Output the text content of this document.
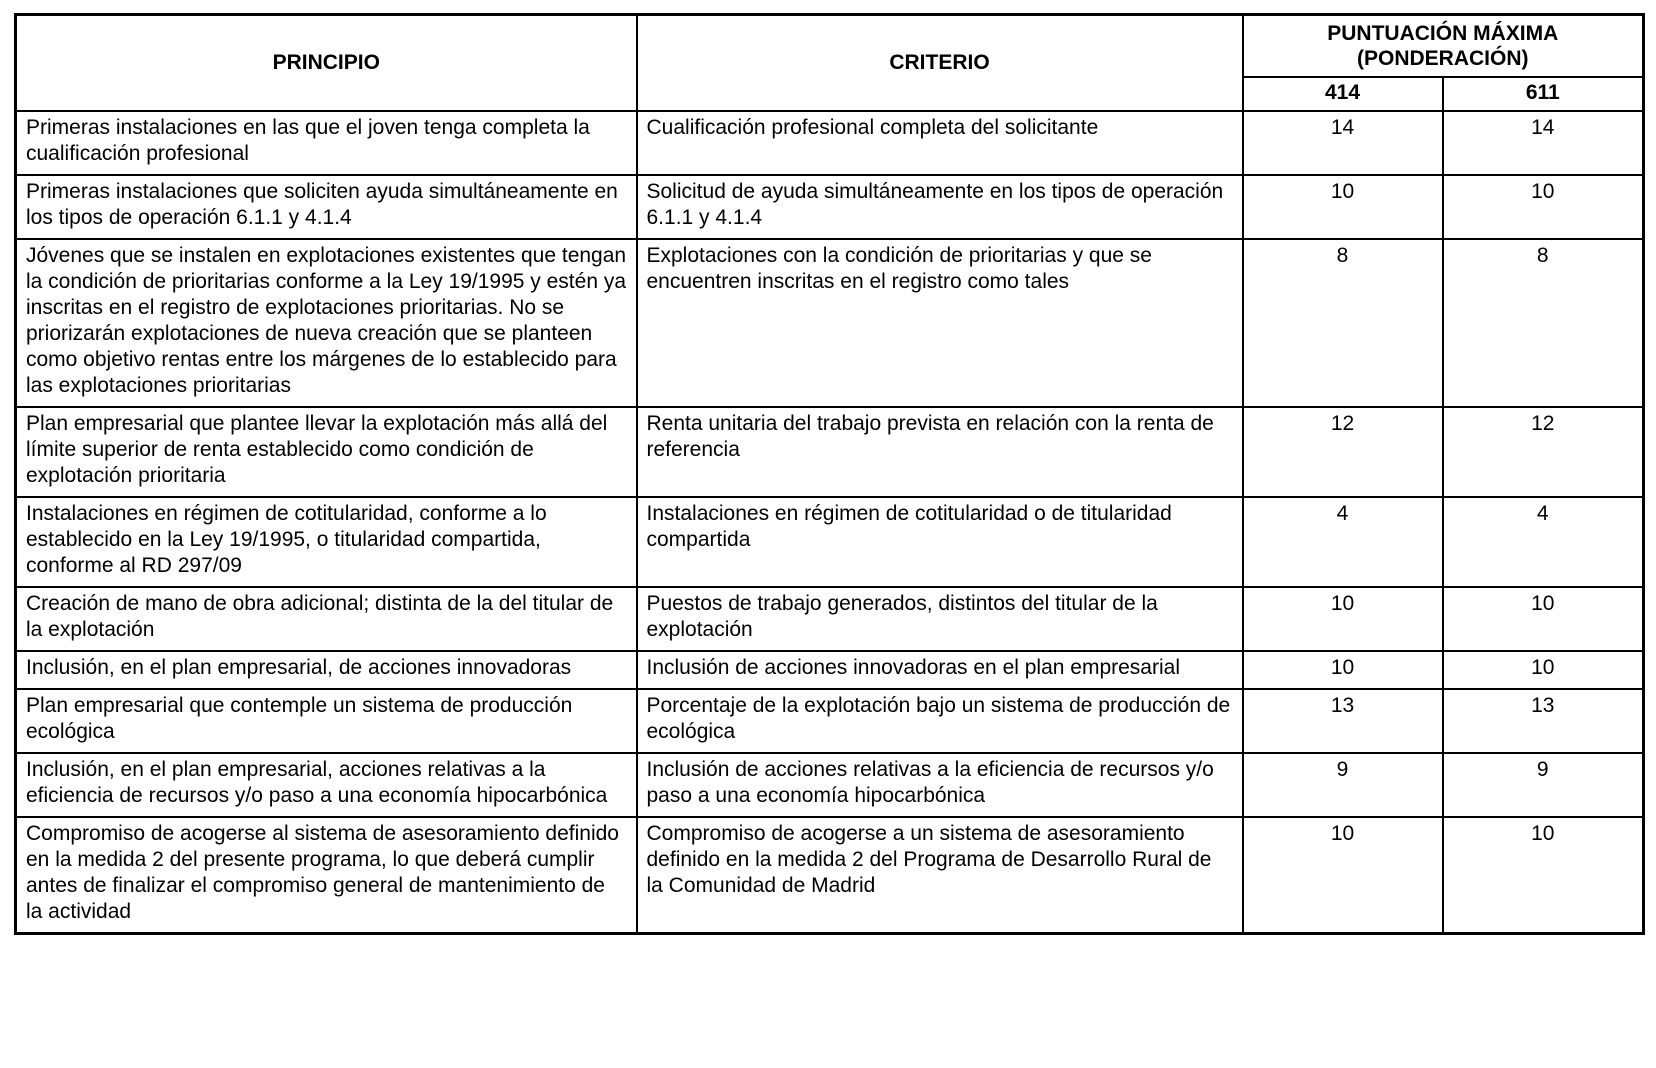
PRINCIPIO	CRITERIO	PUNTUACIÓN MÁXIMA (PONDERACIÓN)	
		414	611
Primeras instalaciones en las que el joven tenga completa la cualificación profesional	Cualificación profesional completa del solicitante	14	14
Primeras instalaciones que soliciten ayuda simultáneamente en los tipos de operación 6.1.1 y 4.1.4	Solicitud de ayuda simultáneamente en los tipos de operación 6.1.1 y 4.1.4	10	10
Jóvenes que se instalen en explotaciones existentes que tengan la condición de prioritarias conforme a la Ley 19/1995 y estén ya inscritas en el registro de explotaciones prioritarias. No se priorizarán explotaciones de nueva creación que se planteen como objetivo rentas entre los márgenes de lo establecido para las explotaciones prioritarias	Explotaciones con la condición de prioritarias y que se encuentren inscritas en el registro como tales	8	8
Plan empresarial que plantee llevar la explotación más allá del límite superior de renta establecido como condición de explotación prioritaria	Renta unitaria del trabajo prevista en relación con la renta de referencia	12	12
Instalaciones en régimen de cotitularidad, conforme a lo establecido en la Ley 19/1995, o titularidad compartida, conforme al RD 297/09	Instalaciones en régimen de cotitularidad o de titularidad compartida	4	4
Creación de mano de obra adicional; distinta de la del titular de la explotación	Puestos de trabajo generados, distintos del titular de la explotación	10	10
Inclusión, en el plan empresarial, de acciones innovadoras	Inclusión de acciones innovadoras en el plan empresarial	10	10
Plan empresarial que contemple un sistema de producción ecológica	Porcentaje de la explotación bajo un sistema de producción de ecológica	13	13
Inclusión, en el plan empresarial, acciones relativas a la eficiencia de recursos y/o paso a una economía hipocarbónica	Inclusión de acciones relativas a la eficiencia de recursos y/o paso a una economía hipocarbónica	9	9
Compromiso de acogerse al sistema de asesoramiento definido en la medida 2 del presente programa, lo que deberá cumplir antes de finalizar el compromiso general de mantenimiento de la actividad	Compromiso de acogerse a un sistema de asesoramiento definido en la medida 2 del Programa de Desarrollo Rural de la Comunidad de Madrid	10	10
